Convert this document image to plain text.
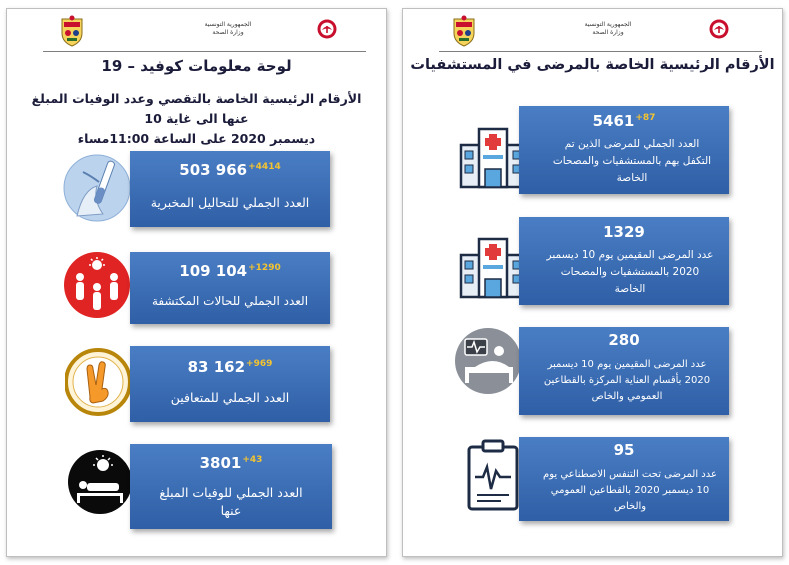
الجمهورية التونسية
وزارة الصحة
لوحة معلومات كوفيد – 19
الأرقام الرئيسية الخاصة بالتقصي وعدد الوفيات المبلغ عنها الى غاية 10
ديسمبر 2020 على الساعة 11:00مساء
503 $966^{+4414}$
العدد الجملي للتحاليل المخبرية
109 $104^{+1290}$
العدد الجملي للحالات المكتشفة
83 $162^{+969}$
العدد الجملي للمتعافين
$3801^{+43}$
العدد الجملي للوفيات المبلغ عنها
الجمهورية التونسية
وزارة الصحة
الأرقام الرئيسية الخاصة بالمرضى في المستشفيات
$5461^{+87}$
العدد الجملي للمرضى الذين تم التكفل بهم بالمستشفيات والمصحات الخاصة
1329
عدد المرضى المقيمين يوم 10 ديسمبر 2020 بالمستشفيات والمصحات الخاصة
280
عدد المرضى المقيمين يوم 10 ديسمبر 2020 بأقسام العناية المركزة بالقطاعين العمومي والخاص
95
عدد المرضى تحت التنفس الاصطناعي يوم 10 ديسمبر 2020 بالقطاعين العمومي والخاص
